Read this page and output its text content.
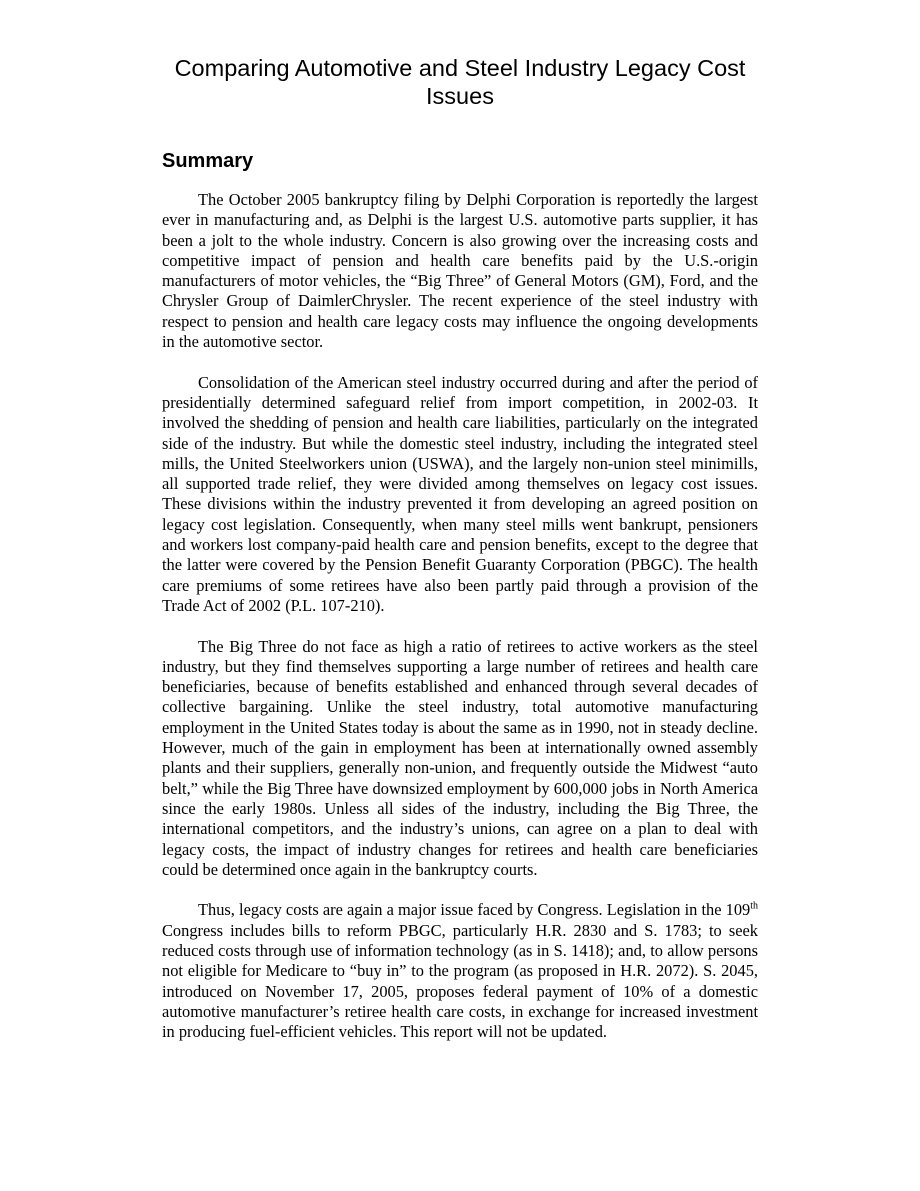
Comparing Automotive and Steel Industry Legacy Cost
Issues
Summary

The October 2005 bankruptcy filing by Delphi Corporation is reportedly the largest ever in manufacturing and, as Delphi is the largest U.S. automotive parts supplier, it has been a jolt to the whole industry. Concern is also growing over the increasing costs and competitive impact of pension and health care benefits paid by the U.S.-origin manufacturers of motor vehicles, the “Big Three” of General Motors (GM), Ford, and the Chrysler Group of DaimlerChrysler. The recent experience of the steel industry with respect to pension and health care legacy costs may influence the ongoing developments in the automotive sector.

Consolidation of the American steel industry occurred during and after the period of presidentially determined safeguard relief from import competition, in 2002-03. It involved the shedding of pension and health care liabilities, particularly on the integrated side of the industry. But while the domestic steel industry, including the integrated steel mills, the United Steelworkers union (USWA), and the largely non-union steel minimills, all supported trade relief, they were divided among themselves on legacy cost issues. These divisions within the industry prevented it from developing an agreed position on legacy cost legislation. Consequently, when many steel mills went bankrupt, pensioners and workers lost company-paid health care and pension benefits, except to the degree that the latter were covered by the Pension Benefit Guaranty Corporation (PBGC). The health care premiums of some retirees have also been partly paid through a provision of the Trade Act of 2002 (P.L. 107-210).

The Big Three do not face as high a ratio of retirees to active workers as the steel industry, but they find themselves supporting a large number of retirees and health care beneficiaries, because of benefits established and enhanced through several decades of collective bargaining. Unlike the steel industry, total automotive manufacturing employment in the United States today is about the same as in 1990, not in steady decline. However, much of the gain in employment has been at internationally owned assembly plants and their suppliers, generally non-union, and frequently outside the Midwest “auto belt,” while the Big Three have downsized employment by 600,000 jobs in North America since the early 1980s. Unless all sides of the industry, including the Big Three, the international competitors, and the industry’s unions, can agree on a plan to deal with legacy costs, the impact of industry changes for retirees and health care beneficiaries could be determined once again in the bankruptcy courts.

Thus, legacy costs are again a major issue faced by Congress. Legislation in the 109th Congress includes bills to reform PBGC, particularly H.R. 2830 and S. 1783; to seek reduced costs through use of information technology (as in S. 1418); and, to allow persons not eligible for Medicare to “buy in” to the program (as proposed in H.R. 2072). S. 2045, introduced on November 17, 2005, proposes federal payment of 10% of a domestic automotive manufacturer’s retiree health care costs, in exchange for increased investment in producing fuel-efficient vehicles. This report will not be updated.
